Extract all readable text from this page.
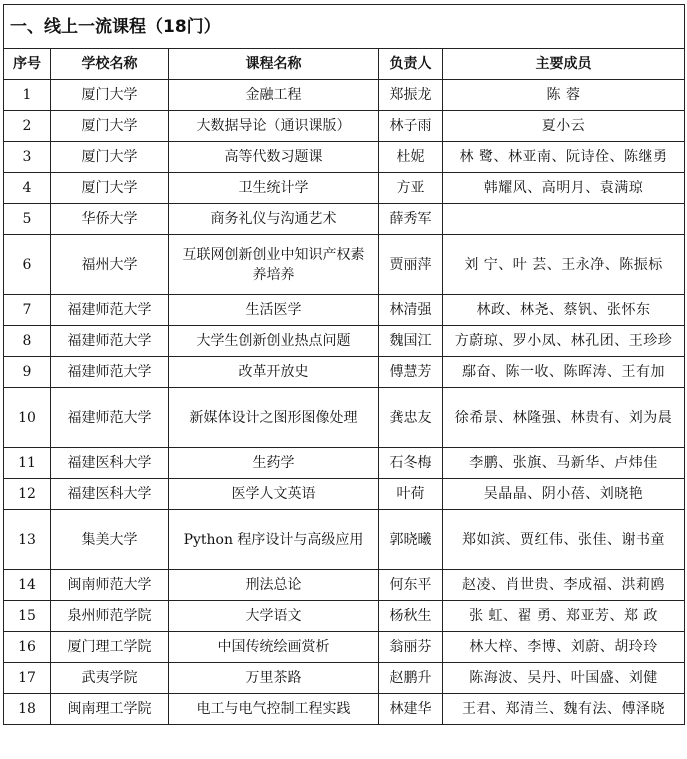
一、线上一流课程（18门）				
序号	学校名称	课程名称	负责人	主要成员
1	厦门大学	金融工程	郑振龙	陈 蓉
2	厦门大学	大数据导论（通识课版）	林子雨	夏小云
3	厦门大学	高等代数习题课	杜妮	林 鹭、林亚南、阮诗佺、陈继勇
4	厦门大学	卫生统计学	方亚	韩耀风、高明月、袁满琼
5	华侨大学	商务礼仪与沟通艺术	薛秀军	
6	福州大学	互联网创新创业中知识产权素养培养	贾丽萍	刘 宁、叶 芸、王永净、陈振标
7	福建师范大学	生活医学	林清强	林政、林尧、蔡钒、张怀东
8	福建师范大学	大学生创新创业热点问题	魏国江	方蔚琼、罗小凤、林孔团、王珍珍
9	福建师范大学	改革开放史	傅慧芳	鄢奋、陈一收、陈晖涛、王有加
10	福建师范大学	新媒体设计之图形图像处理	龚忠友	徐希景、林隆强、林贵有、刘为晨
11	福建医科大学	生药学	石冬梅	李鹏、张旗、马新华、卢炜佳
12	福建医科大学	医学人文英语	叶荷	吴晶晶、阴小蓓、刘晓艳
13	集美大学	Python 程序设计与高级应用	郭晓曦	郑如滨、贾红伟、张佳、谢书童
14	闽南师范大学	刑法总论	何东平	赵凌、肖世贵、李成福、洪莉鸥
15	泉州师范学院	大学语文	杨秋生	张 虹、翟 勇、郑亚芳、郑 政
16	厦门理工学院	中国传统绘画赏析	翁丽芬	林大梓、李博、刘蔚、胡玲玲
17	武夷学院	万里茶路	赵鹏升	陈海波、吴丹、叶国盛、刘健
18	闽南理工学院	电工与电气控制工程实践	林建华	王君、郑清兰、魏有法、傅泽晓
